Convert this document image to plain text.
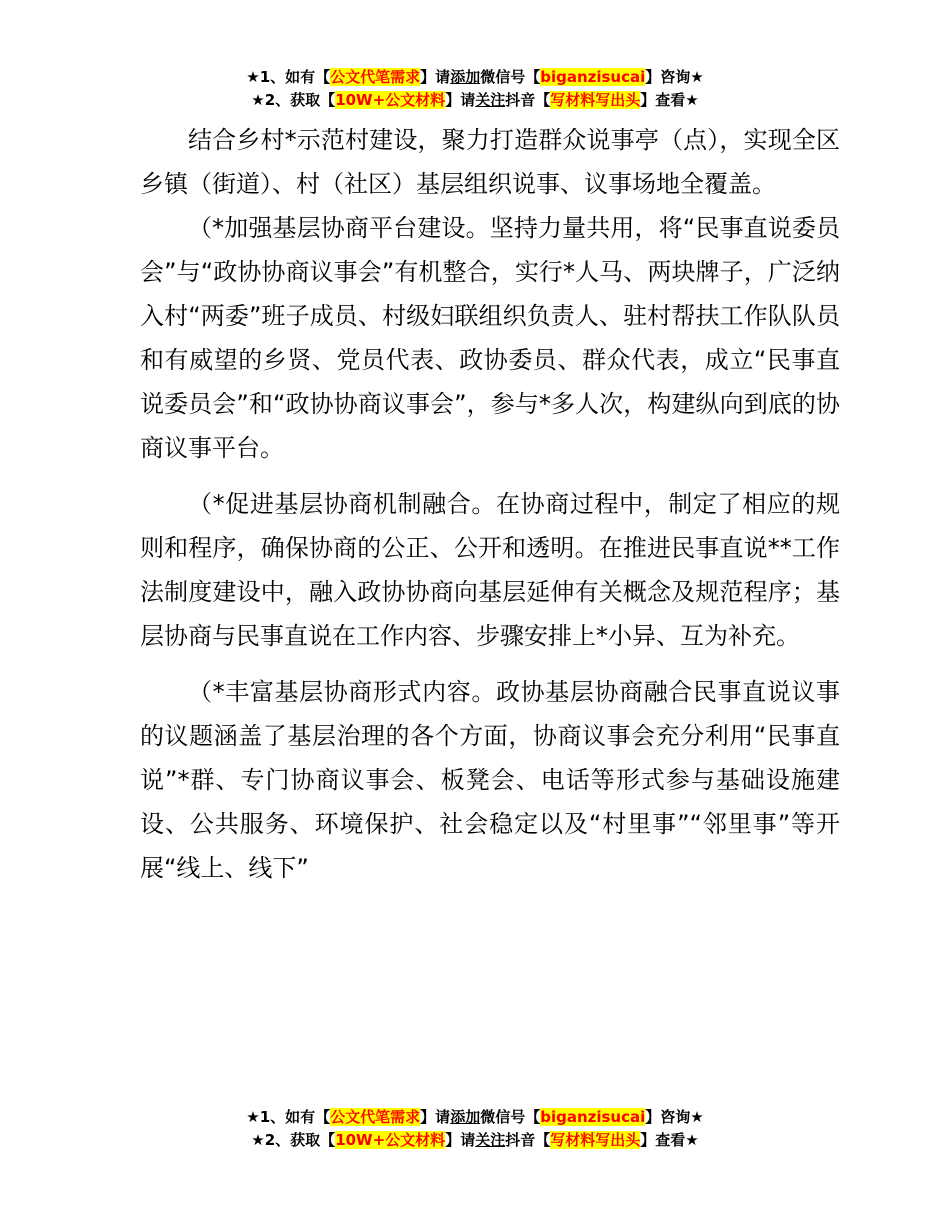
★1、如有【公文代笔需求】请添加微信号【biganzisucai】咨询★
★2、获取【10W+公文材料】请关注抖音【写材料写出头】查看★

结合乡村*示范村建设，聚力打造群众说事亭（点），实现全区乡镇（街道）、村（社区）基层组织说事、议事场地全覆盖。

（*加强基层协商平台建设。坚持力量共用，将“民事直说委员会”与“政协协商议事会”有机整合，实行*人马、两块牌子，广泛纳入村“两委”班子成员、村级妇联组织负责人、驻村帮扶工作队队员和有威望的乡贤、党员代表、政协委员、群众代表，成立“民事直说委员会”和“政协协商议事会”，参与*多人次，构建纵向到底的协商议事平台。

（*促进基层协商机制融合。在协商过程中，制定了相应的规则和程序，确保协商的公正、公开和透明。在推进民事直说**工作法制度建设中，融入政协协商向基层延伸有关概念及规范程序；基层协商与民事直说在工作内容、步骤安排上*小异、互为补充。

（*丰富基层协商形式内容。政协基层协商融合民事直说议事的议题涵盖了基层治理的各个方面，协商议事会充分利用“民事直说”*群、专门协商议事会、板凳会、电话等形式参与基础设施建设、公共服务、环境保护、社会稳定以及“村里事”“邻里事”等开展“线上、线下”

★1、如有【公文代笔需求】请添加微信号【biganzisucai】咨询★
★2、获取【10W+公文材料】请关注抖音【写材料写出头】查看★
